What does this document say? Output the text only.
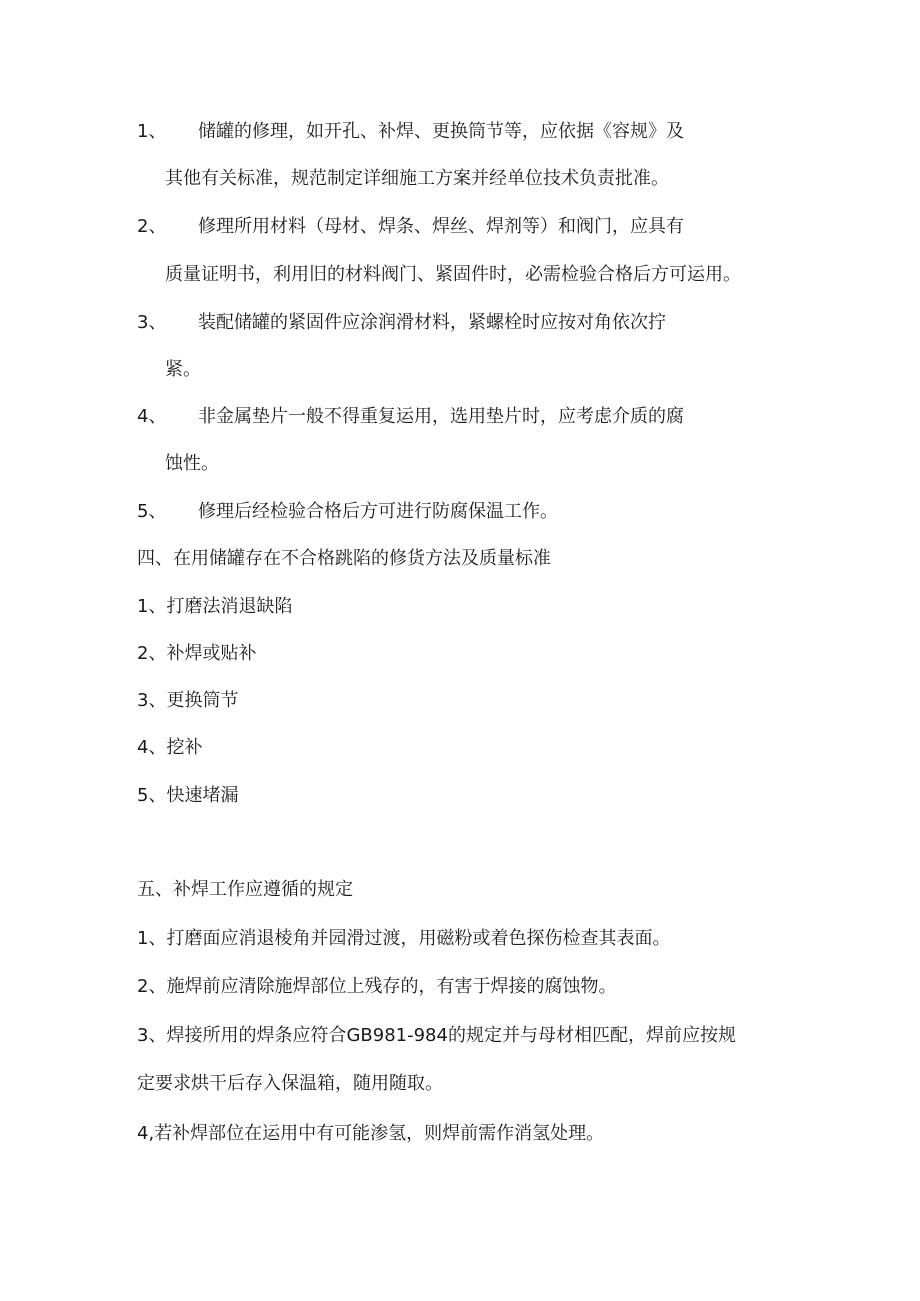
1、 储罐的修理，如开孔、补焊、更换筒节等，应依据《容规》及
其他有关标准，规范制定详细施工方案并经单位技术负责批准。
2、 修理所用材料（母材、焊条、焊丝、焊剂等）和阀门，应具有
质量证明书，利用旧的材料阀门、紧固件时，必需检验合格后方可运用。
3、 装配储罐的紧固件应涂润滑材料，紧螺栓时应按对角依次拧
紧。
4、 非金属垫片一般不得重复运用，选用垫片时，应考虑介质的腐
蚀性。
5、 修理后经检验合格后方可进行防腐保温工作。
四、在用储罐存在不合格跳陷的修货方法及质量标准
1、打磨法消退缺陷
2、补焊或贴补
3、更换筒节
4、挖补
5、快速堵漏
五、补焊工作应遵循的规定
1、打磨面应消退棱角并园滑过渡，用磁粉或着色探伤检查其表面。
2、施焊前应清除施焊部位上残存的，有害于焊接的腐蚀物。
3、焊接所用的焊条应符合GB981-984的规定并与母材相匹配，焊前应按规
定要求烘干后存入保温箱，随用随取。
4,若补焊部位在运用中有可能渗氢，则焊前需作消氢处理。
